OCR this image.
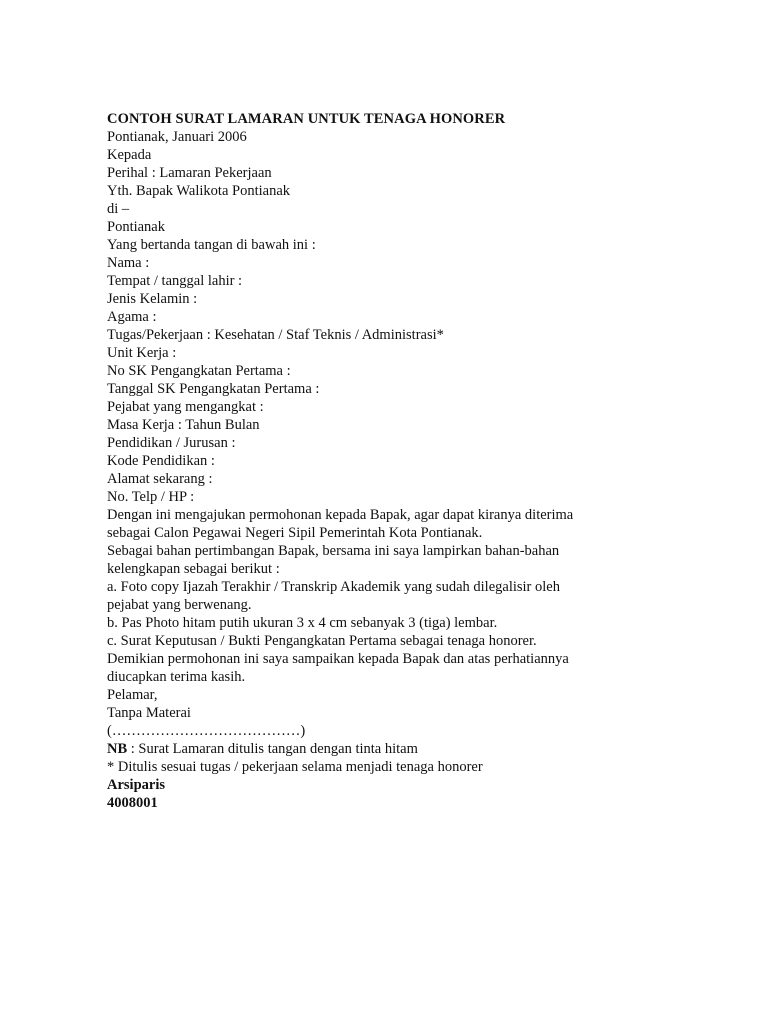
CONTOH SURAT LAMARAN UNTUK TENAGA HONORER
Pontianak, Januari 2006
Kepada
Perihal : Lamaran Pekerjaan
Yth. Bapak Walikota Pontianak
di –
Pontianak
Yang bertanda tangan di bawah ini :
Nama :
Tempat / tanggal lahir :
Jenis Kelamin :
Agama :
Tugas/Pekerjaan : Kesehatan / Staf Teknis / Administrasi*
Unit Kerja :
No SK Pengangkatan Pertama :
Tanggal SK Pengangkatan Pertama :
Pejabat yang mengangkat :
Masa Kerja : Tahun Bulan
Pendidikan / Jurusan :
Kode Pendidikan :
Alamat sekarang :
No. Telp / HP :
Dengan ini mengajukan permohonan kepada Bapak, agar dapat kiranya diterima
sebagai Calon Pegawai Negeri Sipil Pemerintah Kota Pontianak.
Sebagai bahan pertimbangan Bapak, bersama ini saya lampirkan bahan-bahan
kelengkapan sebagai berikut :
a. Foto copy Ijazah Terakhir / Transkrip Akademik yang sudah dilegalisir oleh
pejabat yang berwenang.
b. Pas Photo hitam putih ukuran 3 x 4 cm sebanyak 3 (tiga) lembar.
c. Surat Keputusan / Bukti Pengangkatan Pertama sebagai tenaga honorer.
Demikian permohonan ini saya sampaikan kepada Bapak dan atas perhatiannya
diucapkan terima kasih.
Pelamar,
Tanpa Materai
(…………………………………)
NB : Surat Lamaran ditulis tangan dengan tinta hitam
* Ditulis sesuai tugas / pekerjaan selama menjadi tenaga honorer
Arsiparis
4008001
